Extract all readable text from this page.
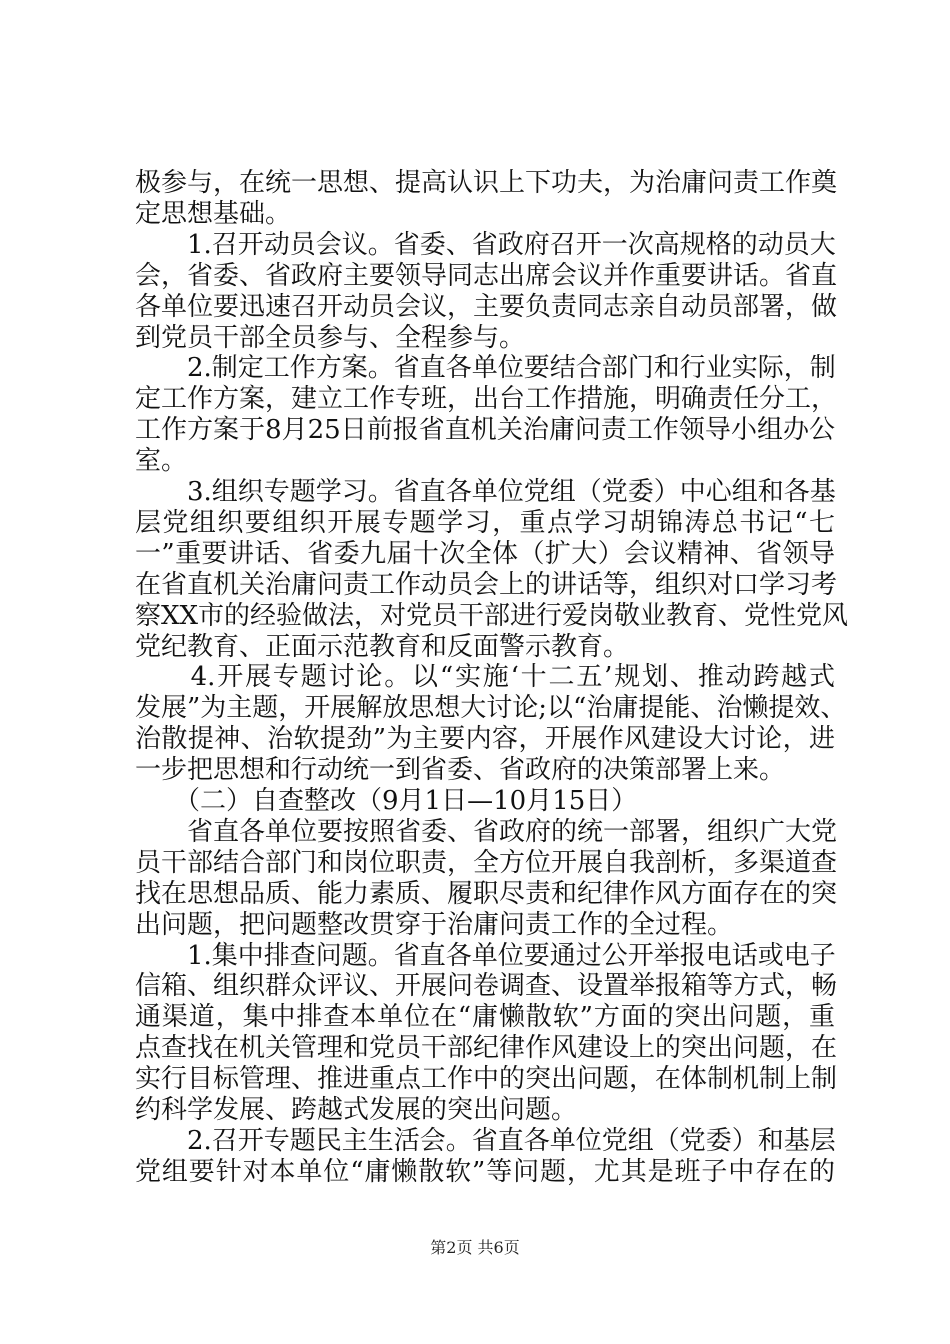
极参与，在统一思想、提高认识上下功夫，为治庸问责工作奠
定思想基础。
　　1.召开动员会议。省委、省政府召开一次高规格的动员大
会，省委、省政府主要领导同志出席会议并作重要讲话。省直
各单位要迅速召开动员会议，主要负责同志亲自动员部署，做
到党员干部全员参与、全程参与。
　　2.制定工作方案。省直各单位要结合部门和行业实际，制
定工作方案，建立工作专班，出台工作措施，明确责任分工，
工作方案于8月25日前报省直机关治庸问责工作领导小组办公
室。
　　3.组织专题学习。省直各单位党组（党委）中心组和各基
层党组织要组织开展专题学习，重点学习胡锦涛总书记“七
一”重要讲话、省委九届十次全体（扩大）会议精神、省领导
在省直机关治庸问责工作动员会上的讲话等，组织对口学习考
察XX市的经验做法，对党员干部进行爱岗敬业教育、党性党风
党纪教育、正面示范教育和反面警示教育。
　　4.开展专题讨论。以“实施‘十二五’规划、推动跨越式
发展”为主题，开展解放思想大讨论;以“治庸提能、治懒提效、
治散提神、治软提劲”为主要内容，开展作风建设大讨论，进
一步把思想和行动统一到省委、省政府的决策部署上来。
　　（二）自查整改（9月1日—10月15日）
　　省直各单位要按照省委、省政府的统一部署，组织广大党
员干部结合部门和岗位职责，全方位开展自我剖析，多渠道查
找在思想品质、能力素质、履职尽责和纪律作风方面存在的突
出问题，把问题整改贯穿于治庸问责工作的全过程。
　　1.集中排查问题。省直各单位要通过公开举报电话或电子
信箱、组织群众评议、开展问卷调查、设置举报箱等方式，畅
通渠道，集中排查本单位在“庸懒散软”方面的突出问题，重
点查找在机关管理和党员干部纪律作风建设上的突出问题，在
实行目标管理、推进重点工作中的突出问题，在体制机制上制
约科学发展、跨越式发展的突出问题。
　　2.召开专题民主生活会。省直各单位党组（党委）和基层
党组要针对本单位“庸懒散软”等问题，尤其是班子中存在的
第2页 共6页
